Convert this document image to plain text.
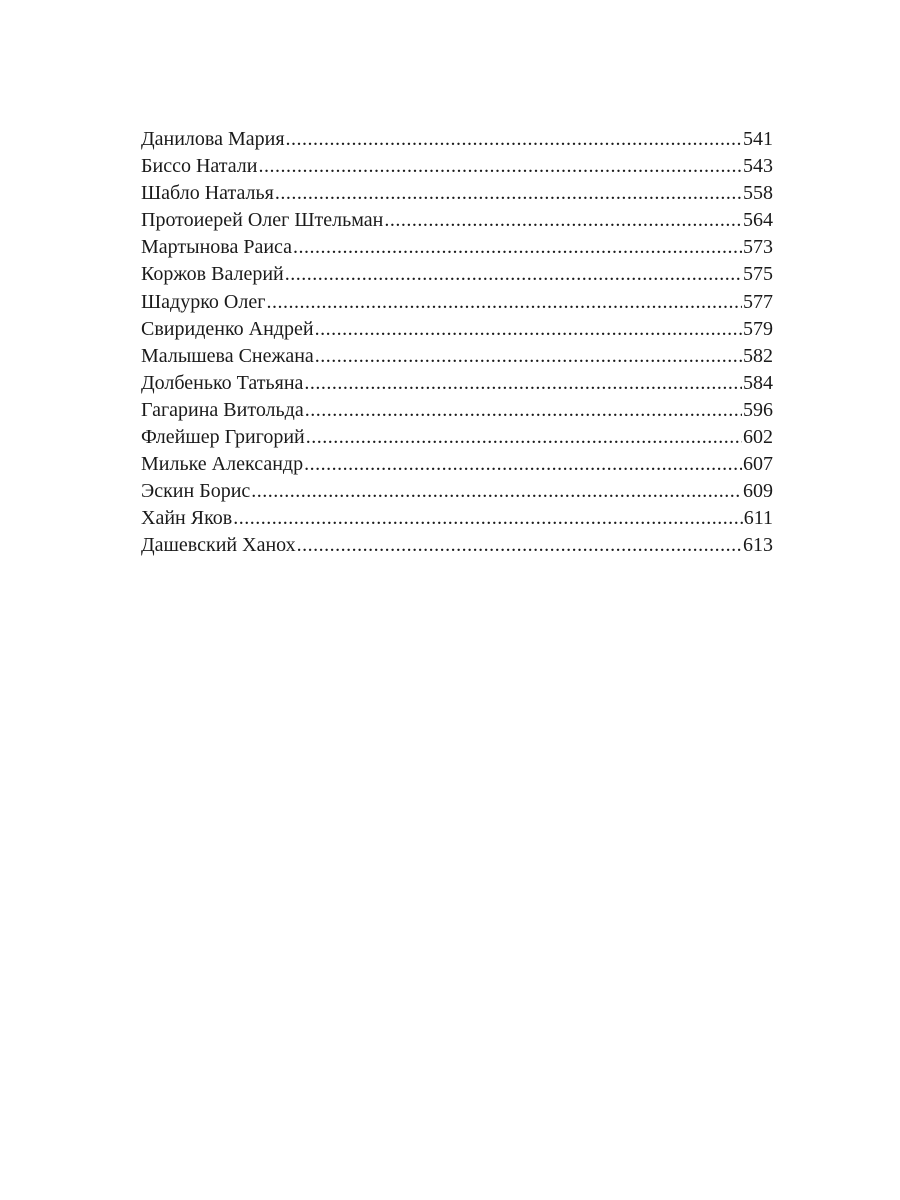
Данилова Мария .....	541
Биссо Натали .....	543
Шабло Наталья .....	558
Протоиерей Олег Штельман .....	564
Мартынова Раиса .....	573
Коржов Валерий .....	575
Шадурко Олег .....	577
Свириденко Андрей .....	579
Малышева Снежана .....	582
Долбенько Татьяна .....	584
Гагарина Витольда .....	596
Флейшер Григорий .....	602
Мильке Александр .....	607
Эскин Борис .....	609
Хайн Яков .....	611
Дашевский Ханох .....	613
